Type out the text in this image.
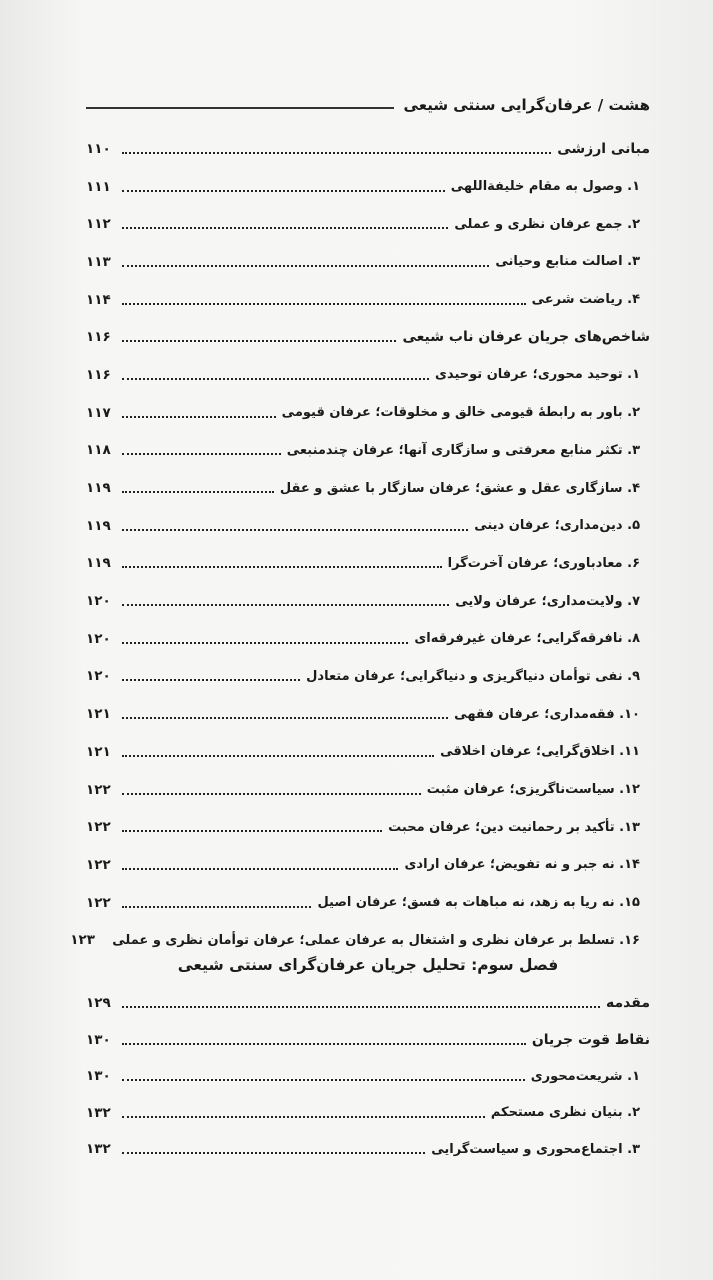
هشت / عرفان‌گرایی سنتی شیعی
مبانی ارزشی
۱۱۰
۱. وصول به مقام خلیفة‌اللهی
۱۱۱
۲. جمع عرفان نظری و عملی
۱۱۲
۳. اصالت منابع وحیانی
۱۱۳
۴. ریاضت شرعی
۱۱۴
شاخص‌های جریان عرفان ناب شیعی
۱۱۶
۱. توحید محوری؛ عرفان توحیدی
۱۱۶
۲. باور به رابطۀ قیومی خالق و مخلوقات؛ عرفان قیومی
۱۱۷
۳. تکثر منابع معرفتی و سازگاری آنها؛ عرفان چندمنبعی
۱۱۸
۴. سازگاری عقل و عشق؛ عرفان سازگار با عشق و عقل
۱۱۹
۵. دین‌مداری؛ عرفان دینی
۱۱۹
۶. معادباوری؛ عرفان آخرت‌گرا
۱۱۹
۷. ولایت‌مداری؛ عرفان ولایی
۱۲۰
۸. نافرقه‌گرایی؛ عرفان غیرفرقه‌ای
۱۲۰
۹. نفی توأمان دنیاگریزی و دنیاگرایی؛ عرفان متعادل
۱۲۰
۱۰. فقه‌مداری؛ عرفان فقهی
۱۲۱
۱۱. اخلاق‌گرایی؛ عرفان اخلاقی
۱۲۱
۱۲. سیاست‌ناگریزی؛ عرفان مثبت
۱۲۲
۱۳. تأکید بر رحمانیت دین؛ عرفان محبت
۱۲۲
۱۴. نه جبر و نه تفویض؛ عرفان ارادی
۱۲۲
۱۵. نه ریا به زهد، نه مباهات به فسق؛ عرفان اصیل
۱۲۲
۱۶. تسلط بر عرفان نظری و اشتغال به عرفان عملی؛ عرفان توأمان نظری و عملی
۱۲۳
فصل سوم: تحلیل جریان عرفان‌گرای سنتی شیعی
مقدمه
۱۲۹
نقاط قوت جریان
۱۳۰
۱. شریعت‌محوری
۱۳۰
۲. بنیان نظری مستحکم
۱۳۲
۳. اجتماع‌محوری و سیاست‌گرایی
۱۳۲
